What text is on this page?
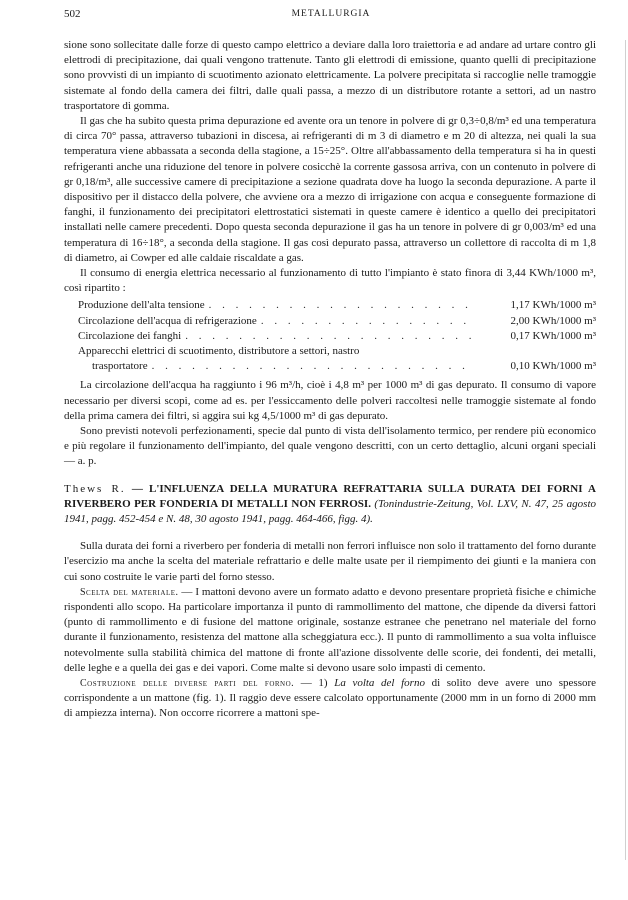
502	METALLURGIA

sione sono sollecitate dalle forze di questo campo elettrico a deviare dalla loro traiettoria e ad andare ad urtare contro gli elettrodi di precipitazione, dai quali vengono trattenute. Tanto gli elettrodi di emissione, quanto quelli di precipitazione sono provvisti di un impianto di scuotimento azionato elettricamente. La polvere precipitata si raccoglie nelle tramoggie sistemate al fondo della camera dei filtri, dalle quali passa, a mezzo di un distributore rotante a settori, ad un nastro trasportatore di gomma.

Il gas che ha subito questa prima depurazione ed avente ora un tenore in polvere di gr 0,3÷0,8/m³ ed una temperatura di circa 70° passa, attraverso tubazioni in discesa, ai refrigeranti di m 3 di diametro e m 20 di altezza, nei quali la sua temperatura viene abbassata a seconda della stagione, a 15÷25°. Oltre all'abbassamento della temperatura si ha in questi refrigeranti anche una riduzione del tenore in polvere cosicchè la corrente gassosa arriva, con un contenuto in polvere di gr 0,18/m³, alle successive camere di precipitazione a sezione quadrata dove ha luogo la seconda depurazione. A parte il dispositivo per il distacco della polvere, che avviene ora a mezzo di irrigazione con acqua e conseguente formazione di fanghi, il funzionamento dei precipitatori elettrostatici sistemati in queste camere è identico a quello dei precipitatori installati nelle camere precedenti. Dopo questa seconda depurazione il gas ha un tenore in polvere di gr 0,003/m³ ed una temperatura di 16÷18°, a seconda della stagione. Il gas così depurato passa, attraverso un collettore di raccolta di m 1,8 di diametro, ai Cowper ed alle caldaie riscaldate a gas.

Il consumo di energia elettrica necessario al funzionamento di tutto l'impianto è stato finora di 3,44 KWh/1000 m³, così ripartito :

Produzione dell'alta tensione . . .	1,17 KWh/1000 m³
Circolazione dell'acqua di refrigerazione . . .	2,00 KWh/1000 m³
Circolazione dei fanghi . . .	0,17 KWh/1000 m³
Apparecchi elettrici di scuotimento, distributore a settori, nastro
trasportatore . . .	0,10 KWh/1000 m³

La circolazione dell'acqua ha raggiunto i 96 m³/h, cioè i 4,8 m³ per 1000 m³ di gas depurato. Il consumo di vapore necessario per diversi scopi, come ad es. per l'essiccamento delle polveri raccoltesi nelle tramoggie sistemate al fondo della prima camera dei filtri, si aggira sui kg 4,5/1000 m³ di gas depurato.

Sono previsti notevoli perfezionamenti, specie dal punto di vista dell'isolamento termico, per rendere più economico e più regolare il funzionamento dell'impianto, del quale vengono descritti, con un certo dettaglio, alcuni organi speciali — a. p.

Thews R. — L'INFLUENZA DELLA MURATURA REFRATTARIA SULLA DURATA DEI FORNI A RIVERBERO PER FONDERIA DI METALLI NON FERROSI. (Tonindustrie-Zeitung, Vol. LXV, N. 47, 25 agosto 1941, pagg. 452-454 e N. 48, 30 agosto 1941, pagg. 464-466, figg. 4).

Sulla durata dei forni a riverbero per fonderia di metalli non ferrori influisce non solo il trattamento del forno durante l'esercizio ma anche la scelta del materiale refrattario e delle malte usate per il riempimento dei giunti e la maniera con cui sono costruite le varie parti del forno stesso.

Scelta del materiale. — I mattoni devono avere un formato adatto e devono presentare proprietà fisiche e chimiche rispondenti allo scopo. Ha particolare importanza il punto di rammollimento del mattone, che dipende da diversi fattori (punto di rammollimento e di fusione del mattone originale, sostanze estranee che penetrano nel materiale del forno durante il funzionamento, resistenza del mattone alla scheggiatura ecc.). Il punto di rammollimento a sua volta influisce notevolmente sulla stabilità chimica del mattone di fronte all'azione dissolvente delle scorie, dei fondenti, dei metalli, delle leghe e a quella dei gas e dei vapori. Come malte si devono usare solo impasti di cemento.

Costruzione delle diverse parti del forno. — 1) La volta del forno di solito deve avere uno spessore corrispondente a un mattone (fig. 1). Il raggio deve essere calcolato opportunamente (2000 mm in un forno di 2000 mm di ampiezza interna). Non occorre ricorrere a mattoni spe-
